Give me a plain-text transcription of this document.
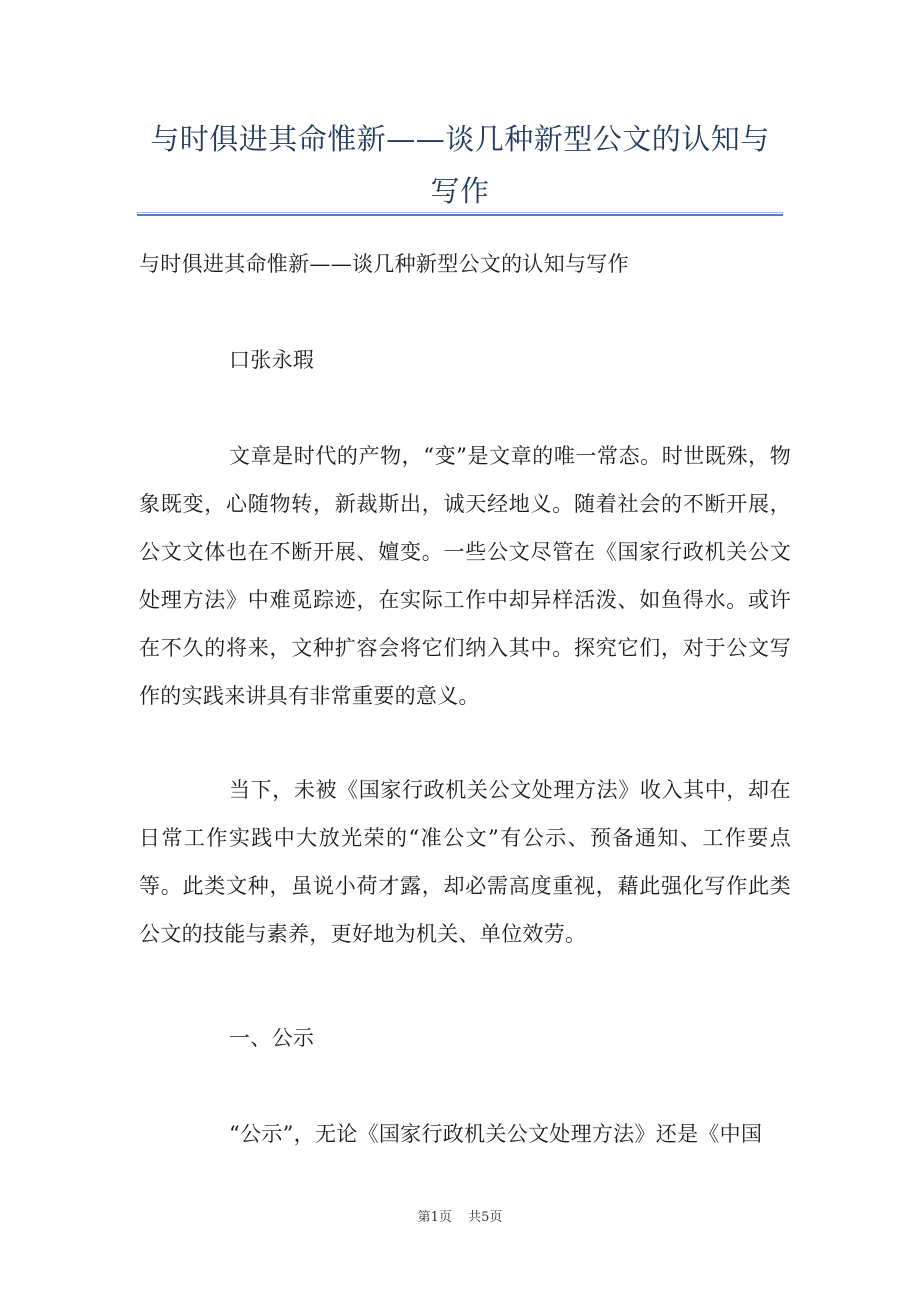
与时俱进其命惟新——谈几种新型公文的认知与写作

与时俱进其命惟新——谈几种新型公文的认知与写作

口张永瑕

文章是时代的产物，“变”是文章的唯一常态。时世既殊，物象既变，心随物转，新裁斯出，诚天经地义。随着社会的不断开展，公文文体也在不断开展、嬗变。一些公文尽管在《国家行政机关公文处理方法》中难觅踪迹，在实际工作中却异样活泼、如鱼得水。或许在不久的将来，文种扩容会将它们纳入其中。探究它们，对于公文写作的实践来讲具有非常重要的意义。

当下，未被《国家行政机关公文处理方法》收入其中，却在日常工作实践中大放光荣的“准公文”有公示、预备通知、工作要点等。此类文种，虽说小荷才露，却必需高度重视，藉此强化写作此类公文的技能与素养，更好地为机关、单位效劳。

一、公示

“公示”，无论《国家行政机关公文处理方法》还是《中国

第1页 共5页
